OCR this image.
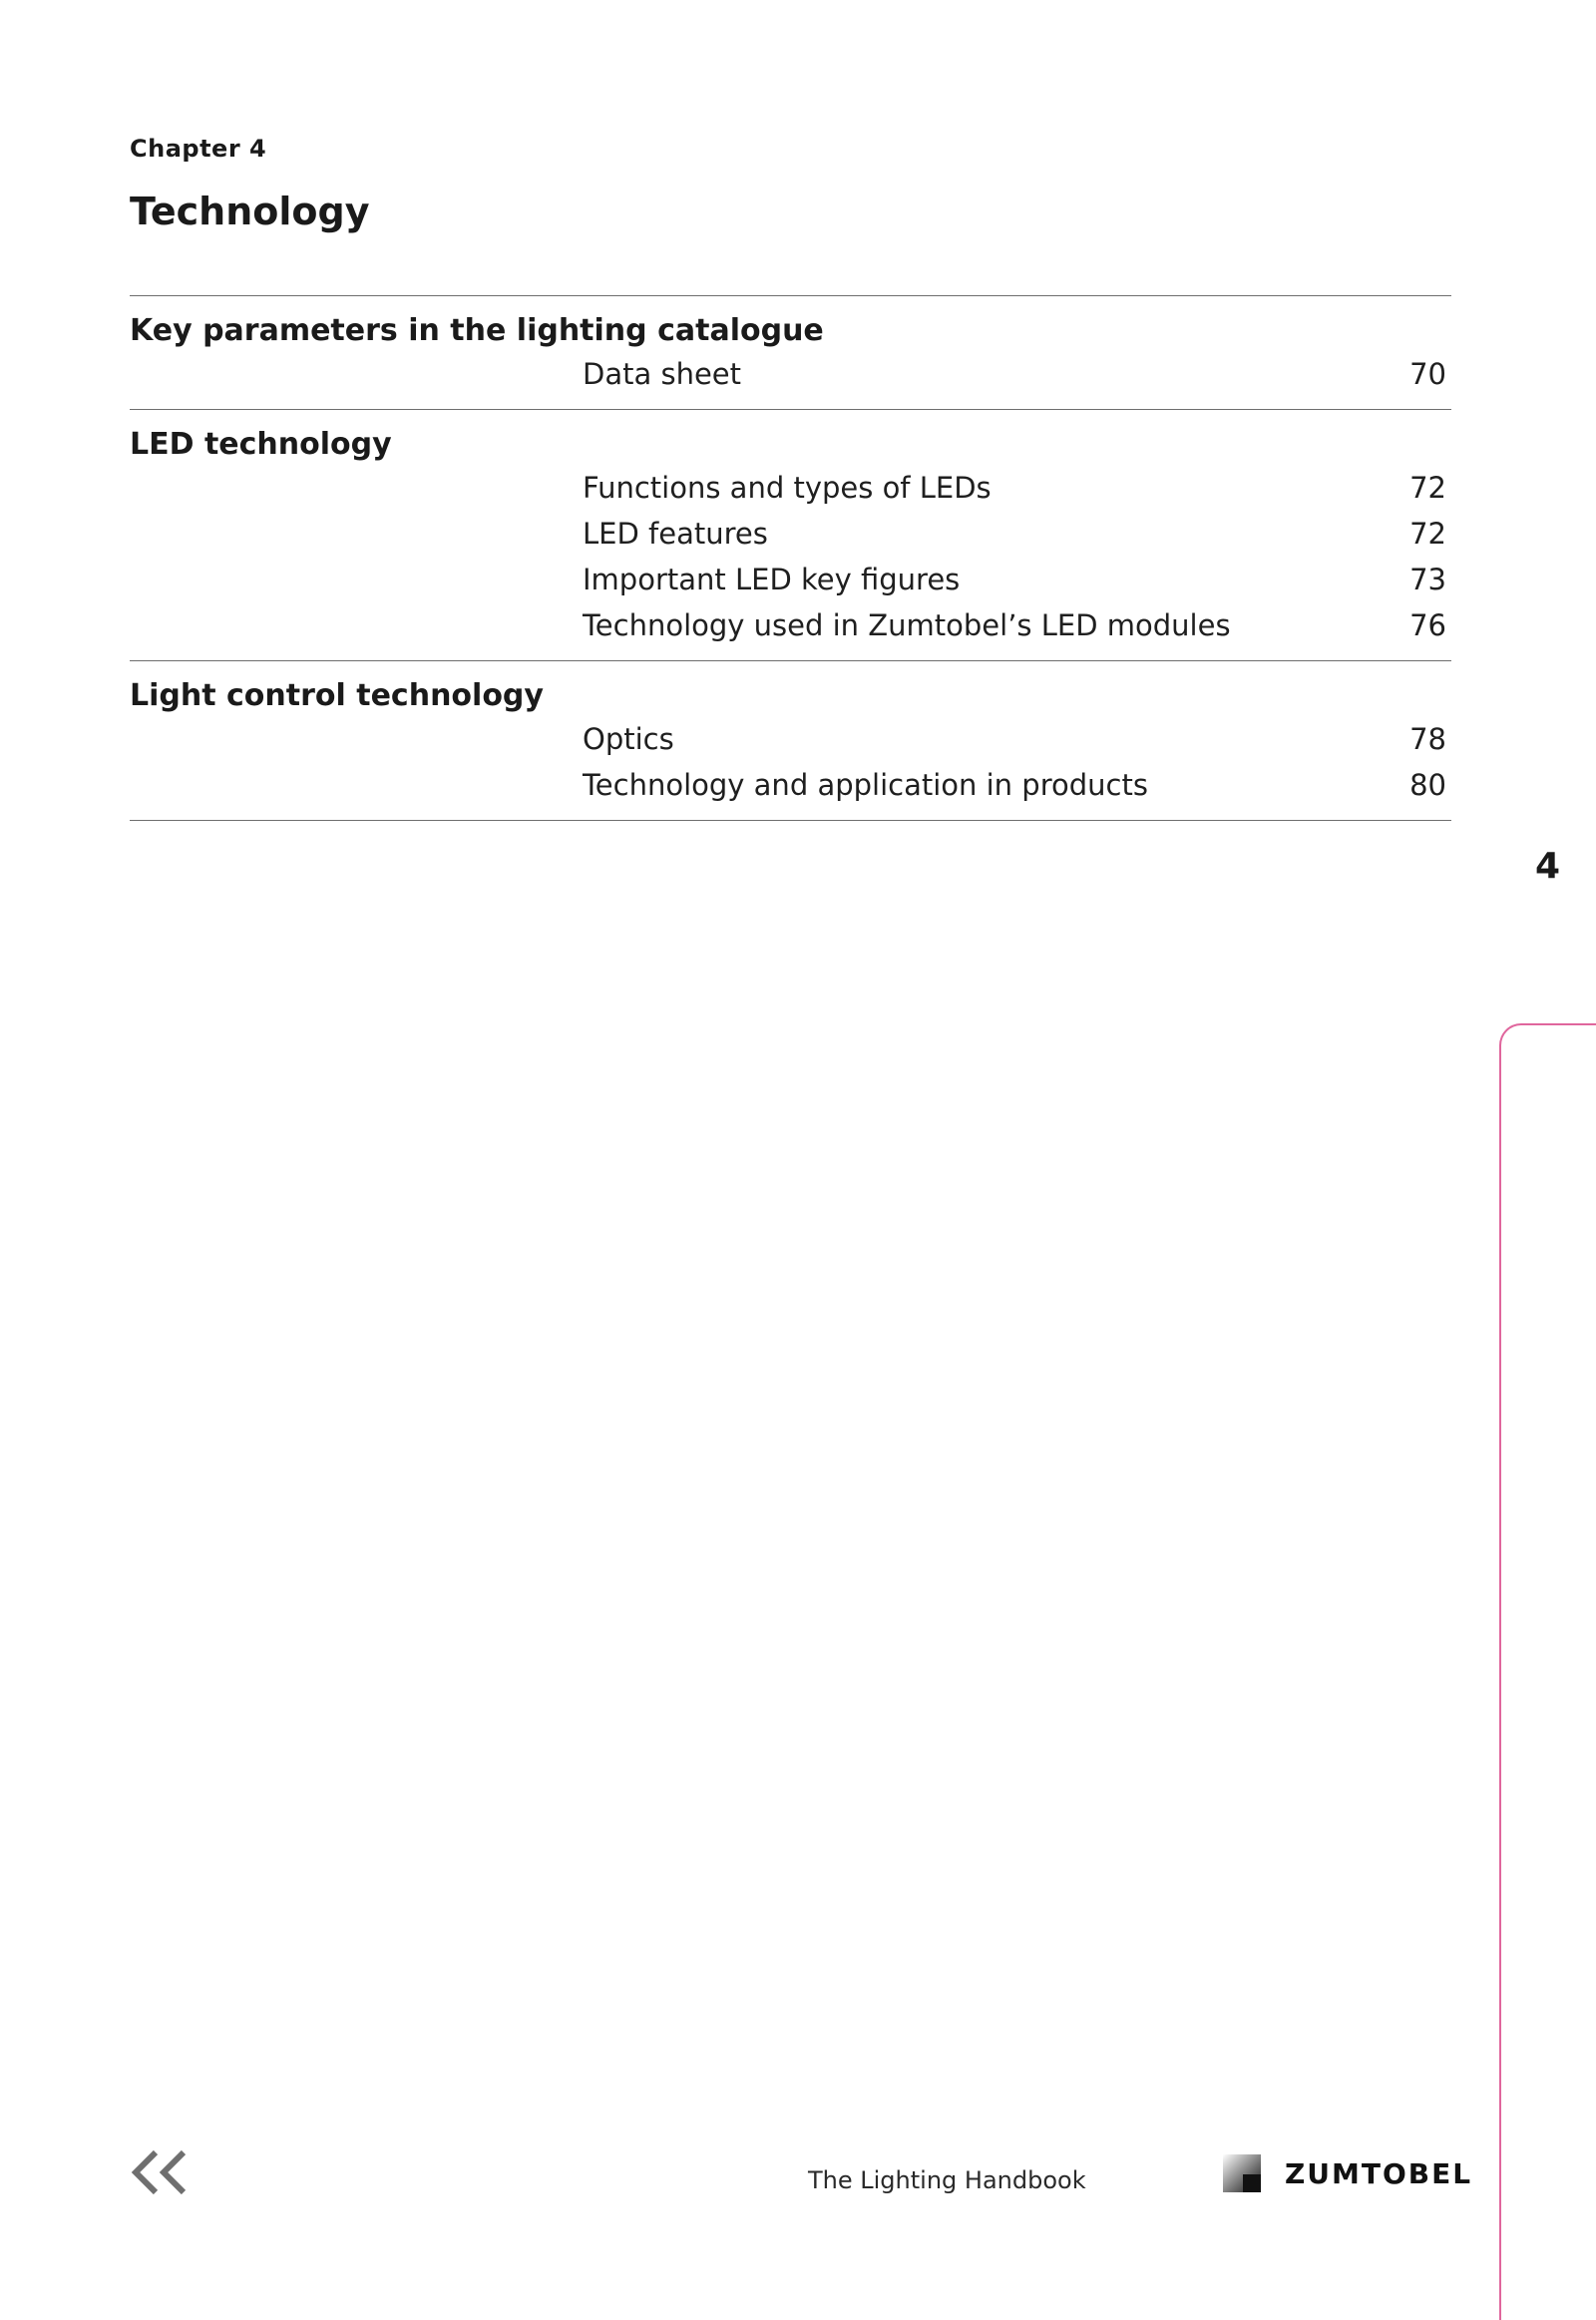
Chapter 4
Technology
Key parameters in the lighting catalogue
Data sheet	70
LED technology
Functions and types of LEDs	72
LED features	72
Important LED key figures	73
Technology used in Zumtobel’s LED modules	76
Light control technology
Optics	78
Technology and application in products	80
4
The Lighting Handbook	ZUMTOBEL
